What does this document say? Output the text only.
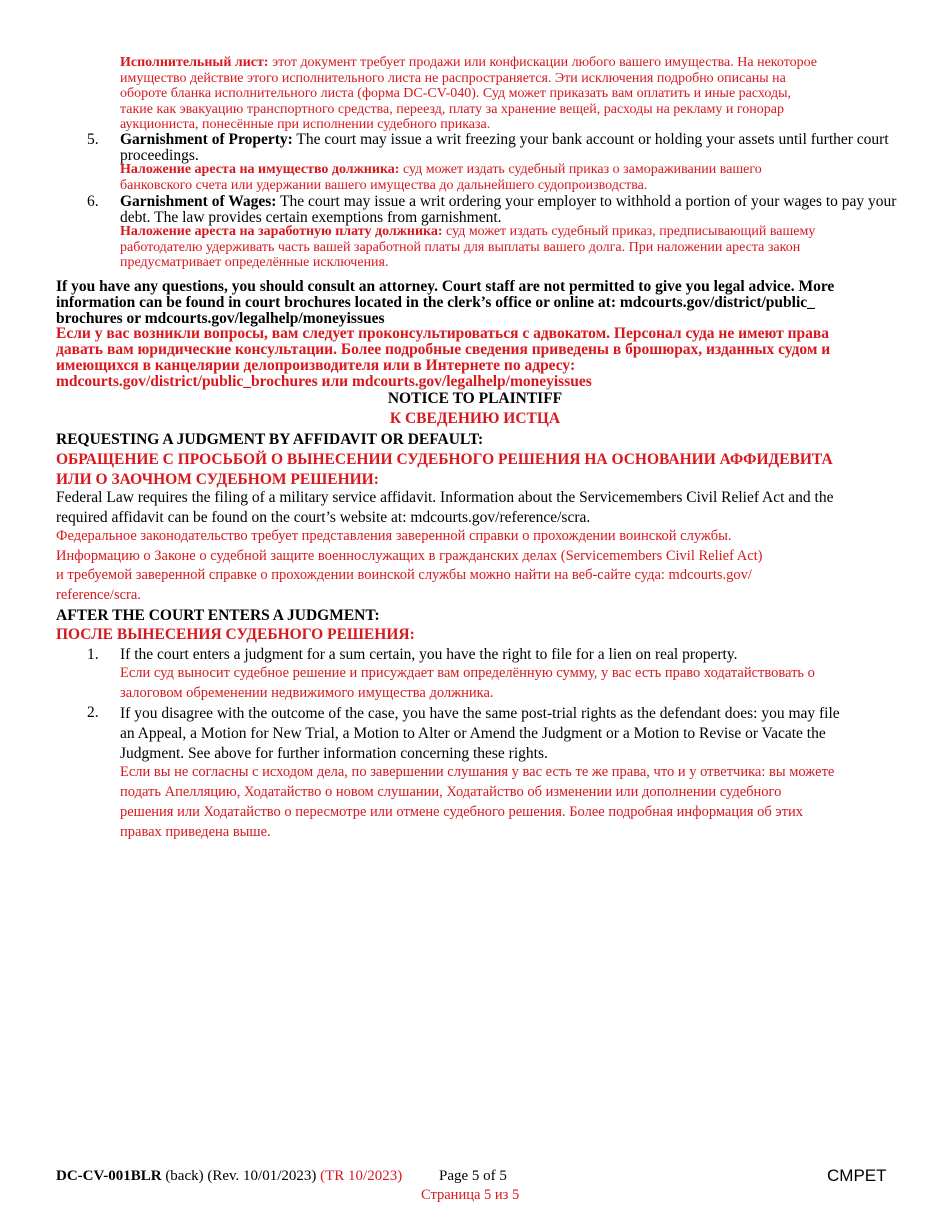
Исполнительный лист: этот документ требует продажи или конфискации любого вашего имущества. На некоторое
имущество действие этого исполнительного листа не распространяется. Эти исключения подробно описаны на
обороте бланка исполнительного листа (форма DC-CV-040). Суд может приказать вам оплатить и иные расходы,
такие как эвакуацию транспортного средства, переезд, плату за хранение вещей, расходы на рекламу и гонорар
аукциониста, понесённые при исполнении судебного приказа.
5. Garnishment of Property: The court may issue a writ freezing your bank account or holding your assets until further court
proceedings.
Наложение ареста на имущество должника: суд может издать судебный приказ о замораживании вашего
банковского счета или удержании вашего имущества до дальнейшего судопроизводства.
6. Garnishment of Wages: The court may issue a writ ordering your employer to withhold a portion of your wages to pay your
debt. The law provides certain exemptions from garnishment.
Наложение ареста на заработную плату должника: суд может издать судебный приказ, предписывающий вашему
работодателю удерживать часть вашей заработной платы для выплаты вашего долга. При наложении ареста закон
предусматривает определённые исключения.
If you have any questions, you should consult an attorney. Court staff are not permitted to give you legal advice. More
information can be found in court brochures located in the clerk’s office or online at: mdcourts.gov/district/public_
brochures or mdcourts.gov/legalhelp/moneyissues
Если у вас возникли вопросы, вам следует проконсультироваться с адвокатом. Персонал суда не имеют права
давать вам юридические консультации. Более подробные сведения приведены в брошюрах, изданных судом и
имеющихся в канцелярии делопроизводителя или в Интернете по адресу:
mdcourts.gov/district/public_brochures или mdcourts.gov/legalhelp/moneyissues
NOTICE TO PLAINTIFF
К СВЕДЕНИЮ ИСТЦА
REQUESTING A JUDGMENT BY AFFIDAVIT OR DEFAULT:
ОБРАЩЕНИЕ С ПРОСЬБОЙ О ВЫНЕСЕНИИ СУДЕБНОГО РЕШЕНИЯ НА ОСНОВАНИИ АФФИДЕВИТА
ИЛИ О ЗАОЧНОМ СУДЕБНОМ РЕШЕНИИ:
Federal Law requires the filing of a military service affidavit. Information about the Servicemembers Civil Relief Act and the
required affidavit can be found on the court’s website at: mdcourts.gov/reference/scra.
Федеральное законодательство требует представления заверенной справки о прохождении воинской службы.
Информацию о Законе о судебной защите военнослужащих в гражданских делах (Servicemembers Civil Relief Act)
и требуемой заверенной справке о прохождении воинской службы можно найти на веб-сайте суда: mdcourts.gov/
reference/scra.
AFTER THE COURT ENTERS A JUDGMENT:
ПОСЛЕ ВЫНЕСЕНИЯ СУДЕБНОГО РЕШЕНИЯ:
1. If the court enters a judgment for a sum certain, you have the right to file for a lien on real property.
Если суд выносит судебное решение и присуждает вам определённую сумму, у вас есть право ходатайствовать о
залоговом обременении недвижимого имущества должника.
2. If you disagree with the outcome of the case, you have the same post-trial rights as the defendant does: you may file
an Appeal, a Motion for New Trial, a Motion to Alter or Amend the Judgment or a Motion to Revise or Vacate the
Judgment. See above for further information concerning these rights.
Если вы не согласны с исходом дела, по завершении слушания у вас есть те же права, что и у ответчика: вы можете
подать Апелляцию, Ходатайство о новом слушании, Ходатайство об изменении или дополнении судебного
решения или Ходатайство о пересмотре или отмене судебного решения. Более подробная информация об этих
правах приведена выше.
DC-CV-001BLR (back) (Rev. 10/01/2023) (TR 10/2023) Page 5 of 5
Страница 5 из 5
CMPET
